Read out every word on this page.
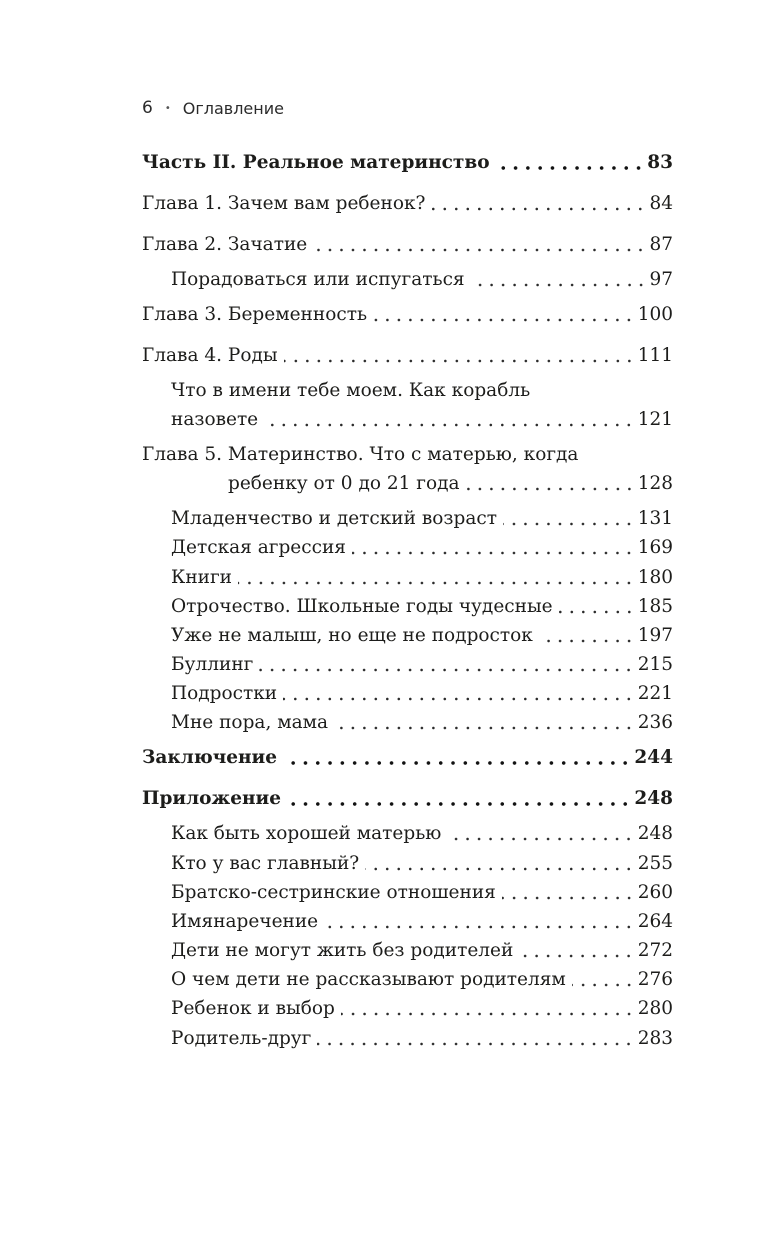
6 • Оглавление
Часть II. Реальное материнство	83
Глава 1. Зачем вам ребенок?	84
Глава 2. Зачатие	87
Порадоваться или испугаться	97
Глава 3. Беременность	100
Глава 4. Роды	111
Что в имени тебе моем. Как корабль
назовете	121
Глава 5. Материнство. Что с матерью, когда
ребенку от 0 до 21 года	128
Младенчество и детский возраст	131
Детская агрессия	169
Книги	180
Отрочество. Школьные годы чудесные	185
Уже не малыш, но еще не подросток	197
Буллинг	215
Подростки	221
Мне пора, мама	236
Заключение	244
Приложение	248
Как быть хорошей матерью	248
Кто у вас главный?	255
Братско-сестринские отношения	260
Имянаречение	264
Дети не могут жить без родителей	272
О чем дети не рассказывают родителям	276
Ребенок и выбор	280
Родитель-друг	283
